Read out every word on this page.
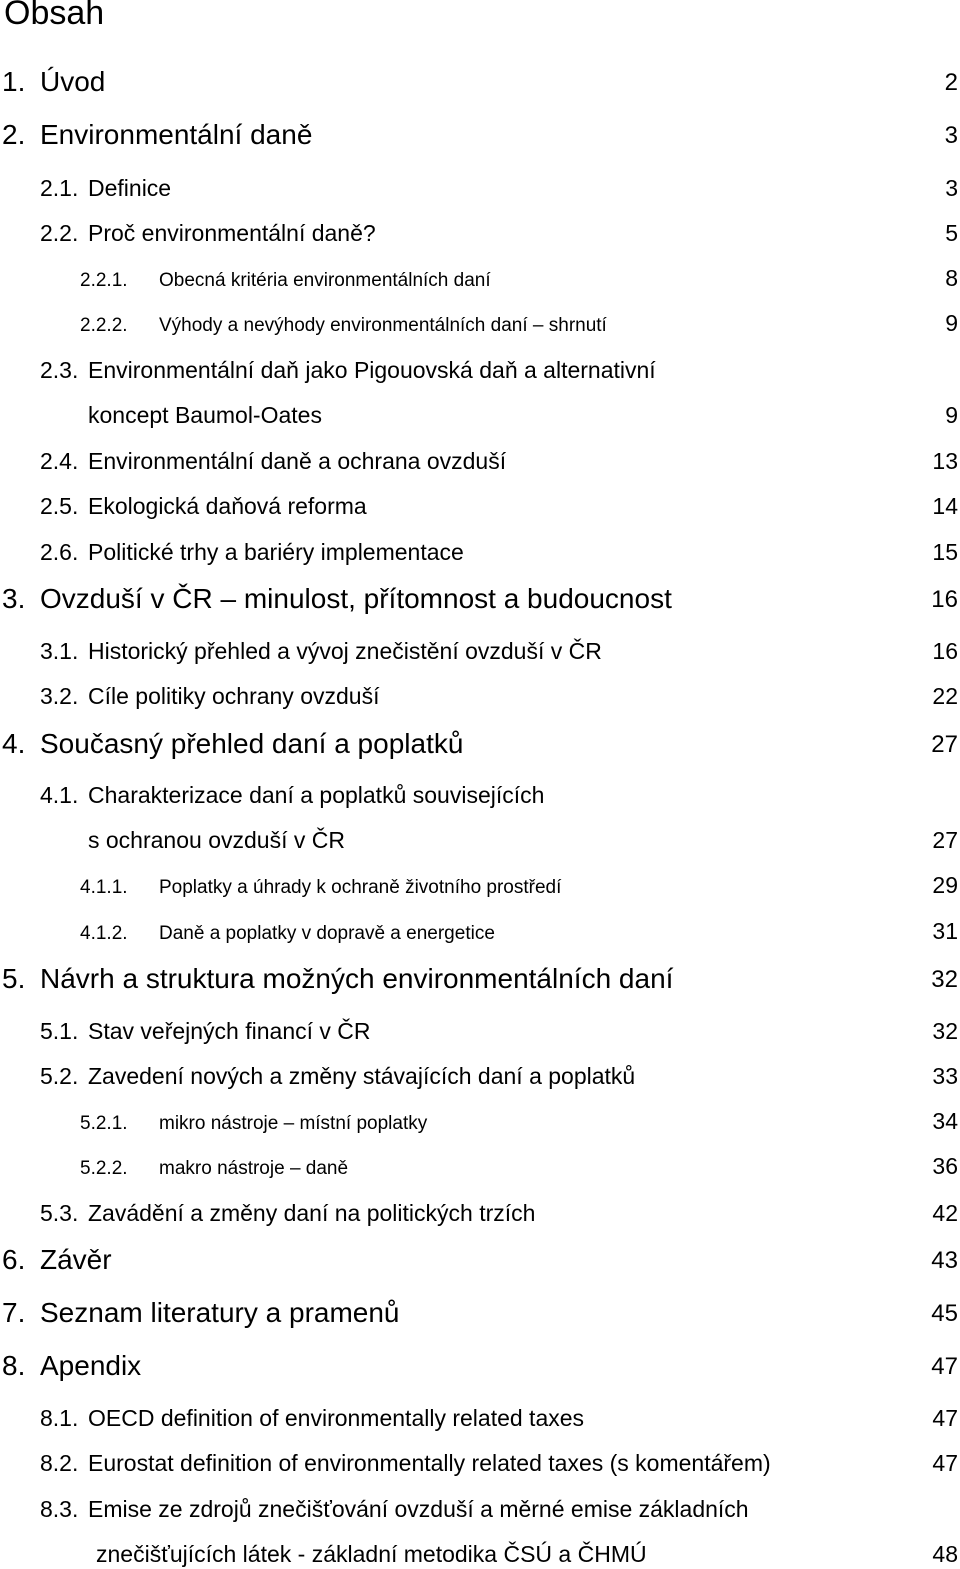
Obsah
1. Úvod	2
2. Environmentální daně	3
2.1. Definice	3
2.2. Proč environmentální daně?	5
2.2.1. Obecná kritéria environmentálních daní	8
2.2.2. Výhody a nevýhody environmentálních daní – shrnutí	9
2.3. Environmentální daň jako Pigouovská daň a alternativní
koncept Baumol-Oates	9
2.4. Environmentální daně a ochrana ovzduší	13
2.5. Ekologická daňová reforma	14
2.6. Politické trhy a bariéry implementace	15
3. Ovzduší v ČR – minulost, přítomnost a budoucnost	16
3.1. Historický přehled a vývoj znečistění ovzduší v ČR	16
3.2. Cíle politiky ochrany ovzduší	22
4. Současný přehled daní a poplatků	27
4.1. Charakterizace daní a poplatků souvisejících
s ochranou ovzduší v ČR	27
4.1.1. Poplatky a úhrady k ochraně životního prostředí	29
4.1.2. Daně a poplatky v dopravě a energetice	31
5. Návrh a struktura možných environmentálních daní	32
5.1. Stav veřejných financí v ČR	32
5.2. Zavedení nových a změny stávajících daní a poplatků	33
5.2.1. mikro nástroje – místní poplatky	34
5.2.2. makro nástroje – daně	36
5.3. Zavádění a změny daní na politických trzích	42
6. Závěr	43
7. Seznam literatury a pramenů	45
8. Apendix	47
8.1. OECD definition of environmentally related taxes	47
8.2. Eurostat definition of environmentally related taxes (s komentářem)	47
8.3. Emise ze zdrojů znečišťování ovzduší a měrné emise základních
znečišťujících látek - základní metodika ČSÚ a ČHMÚ	48
